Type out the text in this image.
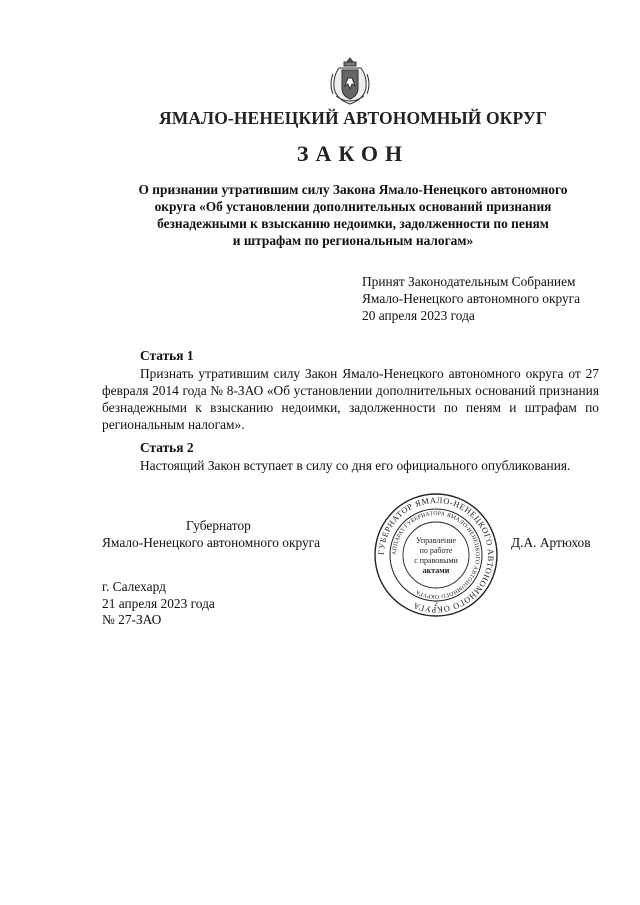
ЯМАЛО-НЕНЕЦКИЙ АВТОНОМНЫЙ ОКРУГ
ЗАКОН
О признании утратившим силу Закона Ямало-Ненецкого автономного
округа «Об установлении дополнительных оснований признания
безнадежными к взысканию недоимки, задолженности по пеням
и штрафам по региональным налогам»
Принят Законодательным Собранием
Ямало-Ненецкого автономного округа
20 апреля 2023 года
Статья 1
Признать утратившим силу Закон Ямало-Ненецкого автономного округа от 27 февраля 2014 года № 8-ЗАО «Об установлении дополнительных оснований признания безнадежными к взысканию недоимки, задолженности по пеням и штрафам по региональным налогам».
Статья 2
Настоящий Закон вступает в силу со дня его официального опубликования.
Губернатор
Ямало-Ненецкого автономного округа	Д.А. Артюхов
ГУБЕРНАТОР ЯМАЛО-НЕНЕЦКОГО АВТОНОМНОГО ОКРУГА
АППАРАТ ГУБЕРНАТОРА ЯМАЛО-НЕНЕЦКОГО АВТОНОМНОГО ОКРУГА
Управление
по работе
с правовыми
актами
2
г. Салехард
21 апреля 2023 года
№ 27-ЗАО
